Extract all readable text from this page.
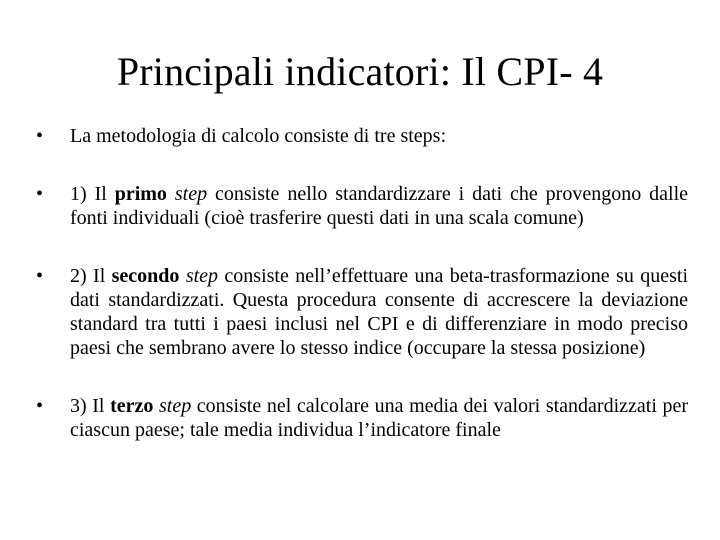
Principali indicatori: Il CPI- 4
•	La metodologia di calcolo consiste di tre steps:
•	1) Il primo step consiste nello standardizzare i dati che provengono dalle fonti individuali (cioè trasferire questi dati in una scala comune)
•	2) Il secondo step consiste nell’effettuare una beta-trasformazione su questi dati standardizzati. Questa procedura consente di accrescere la deviazione standard tra tutti i paesi inclusi nel CPI e di differenziare in modo preciso paesi che sembrano avere lo stesso indice (occupare la stessa posizione)
•	3) Il terzo step consiste nel calcolare una media dei valori standardizzati per ciascun paese; tale media individua l’indicatore finale
